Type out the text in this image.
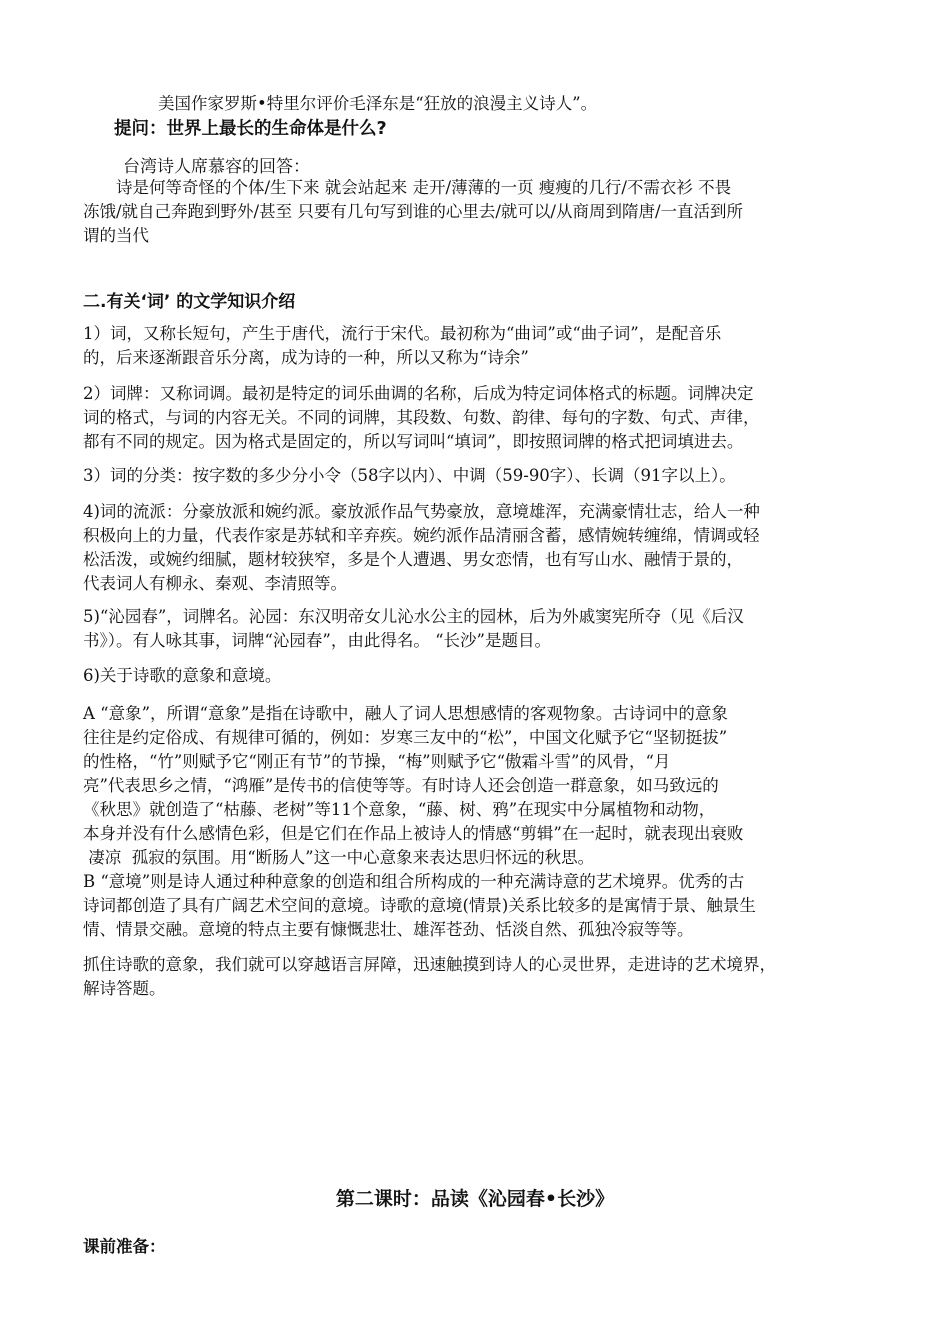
美国作家罗斯•特里尔评价毛泽东是“狂放的浪漫主义诗人”。
提问：世界上最长的生命体是什么?
台湾诗人席慕容的回答：

诗是何等奇怪的个体/生下来 就会站起来 走开/薄薄的一页 瘦瘦的几行/不需衣衫 不畏

冻饿/就自己奔跑到野外/甚至 只要有几句写到谁的心里去/就可以/从商周到隋唐/一直活到所

谓的当代

二.有关‘词’ 的文学知识介绍

1）词，又称长短句，产生于唐代，流行于宋代。最初称为“曲词”或“曲子词”，是配音乐

的，后来逐渐跟音乐分离，成为诗的一种，所以又称为“诗余”

2）词牌：又称词调。最初是特定的词乐曲调的名称，后成为特定词体格式的标题。词牌决定

词的格式，与词的内容无关。不同的词牌，其段数、句数、韵律、每句的字数、句式、声律，

都有不同的规定。因为格式是固定的，所以写词叫“填词”，即按照词牌的格式把词填进去。

3）词的分类：按字数的多少分小令（58字以内）、中调（59-90字）、长调（91字以上）。

4)词的流派：分豪放派和婉约派。豪放派作品气势豪放，意境雄浑，充满豪情壮志，给人一种

积极向上的力量，代表作家是苏轼和辛弃疾。婉约派作品清丽含蓄，感情婉转缠绵，情调或轻

松活泼，或婉约细腻，题材较狭窄，多是个人遭遇、男女恋情，也有写山水、融情于景的，

代表词人有柳永、秦观、李清照等。

5)“沁园春”，词牌名。沁园：东汉明帝女儿沁水公主的园林，后为外戚窦宪所夺（见《后汉

书》）。有人咏其事，词牌“沁园春”，由此得名。 “长沙”是题目。

6)关于诗歌的意象和意境。

A “意象”，所谓“意象”是指在诗歌中，融人了词人思想感情的客观物象。古诗词中的意象

往往是约定俗成、有规律可循的，例如：岁寒三友中的“松”，中国文化赋予它“坚韧挺拔”

的性格，“竹”则赋予它“刚正有节”的节操，“梅”则赋予它“傲霜斗雪”的风骨，“月

亮”代表思乡之情，“鸿雁”是传书的信使等等。有时诗人还会创造一群意象，如马致远的

《秋思》就创造了“枯藤、老树”等11个意象，“藤、树、鸦”在现实中分属植物和动物，

本身并没有什么感情色彩，但是它们在作品上被诗人的情感“剪辑”在一起时，就表现出衰败

凄凉  孤寂的氛围。用“断肠人”这一中心意象来表达思归怀远的秋思。

B “意境”则是诗人通过种种意象的创造和组合所构成的一种充满诗意的艺术境界。优秀的古

诗词都创造了具有广阔艺术空间的意境。诗歌的意境(情景)关系比较多的是寓情于景、触景生

情、情景交融。意境的特点主要有慷慨悲壮、雄浑苍劲、恬淡自然、孤独冷寂等等。

抓住诗歌的意象，我们就可以穿越语言屏障，迅速触摸到诗人的心灵世界，走进诗的艺术境界，

解诗答题。

第二课时：品读《沁园春•长沙》
课前准备：
